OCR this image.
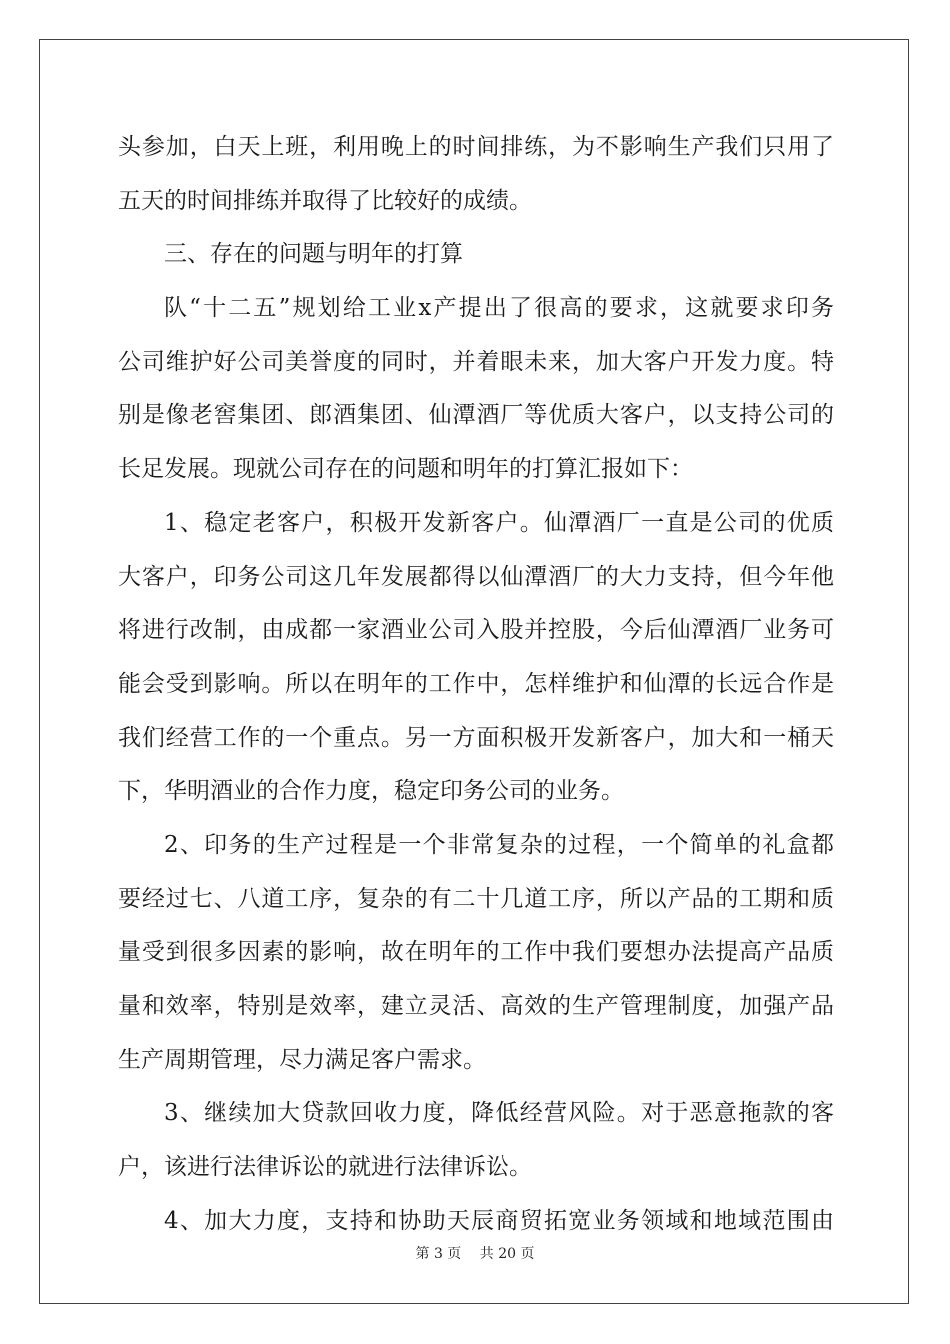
头参加，白天上班，利用晚上的时间排练，为不影响生产我们只用了
五天的时间排练并取得了比较好的成绩。
三、存在的问题与明年的打算
队“十二五”规划给工业x产提出了很高的要求，这就要求印务
公司维护好公司美誉度的同时，并着眼未来，加大客户开发力度。特
别是像老窖集团、郎酒集团、仙潭酒厂等优质大客户，以支持公司的
长足发展。现就公司存在的问题和明年的打算汇报如下：
1、稳定老客户，积极开发新客户。仙潭酒厂一直是公司的优质
大客户，印务公司这几年发展都得以仙潭酒厂的大力支持，但今年他
将进行改制，由成都一家酒业公司入股并控股，今后仙潭酒厂业务可
能会受到影响。所以在明年的工作中，怎样维护和仙潭的长远合作是
我们经营工作的一个重点。另一方面积极开发新客户，加大和一桶天
下，华明酒业的合作力度，稳定印务公司的业务。
2、印务的生产过程是一个非常复杂的过程，一个简单的礼盒都
要经过七、八道工序，复杂的有二十几道工序，所以产品的工期和质
量受到很多因素的影响，故在明年的工作中我们要想办法提高产品质
量和效率，特别是效率，建立灵活、高效的生产管理制度，加强产品
生产周期管理，尽力满足客户需求。
3、继续加大贷款回收力度，降低经营风险。对于恶意拖款的客
户，该进行法律诉讼的就进行法律诉讼。
4、加大力度，支持和协助天辰商贸拓宽业务领域和地域范围由
第 3 页　 共 20 页
